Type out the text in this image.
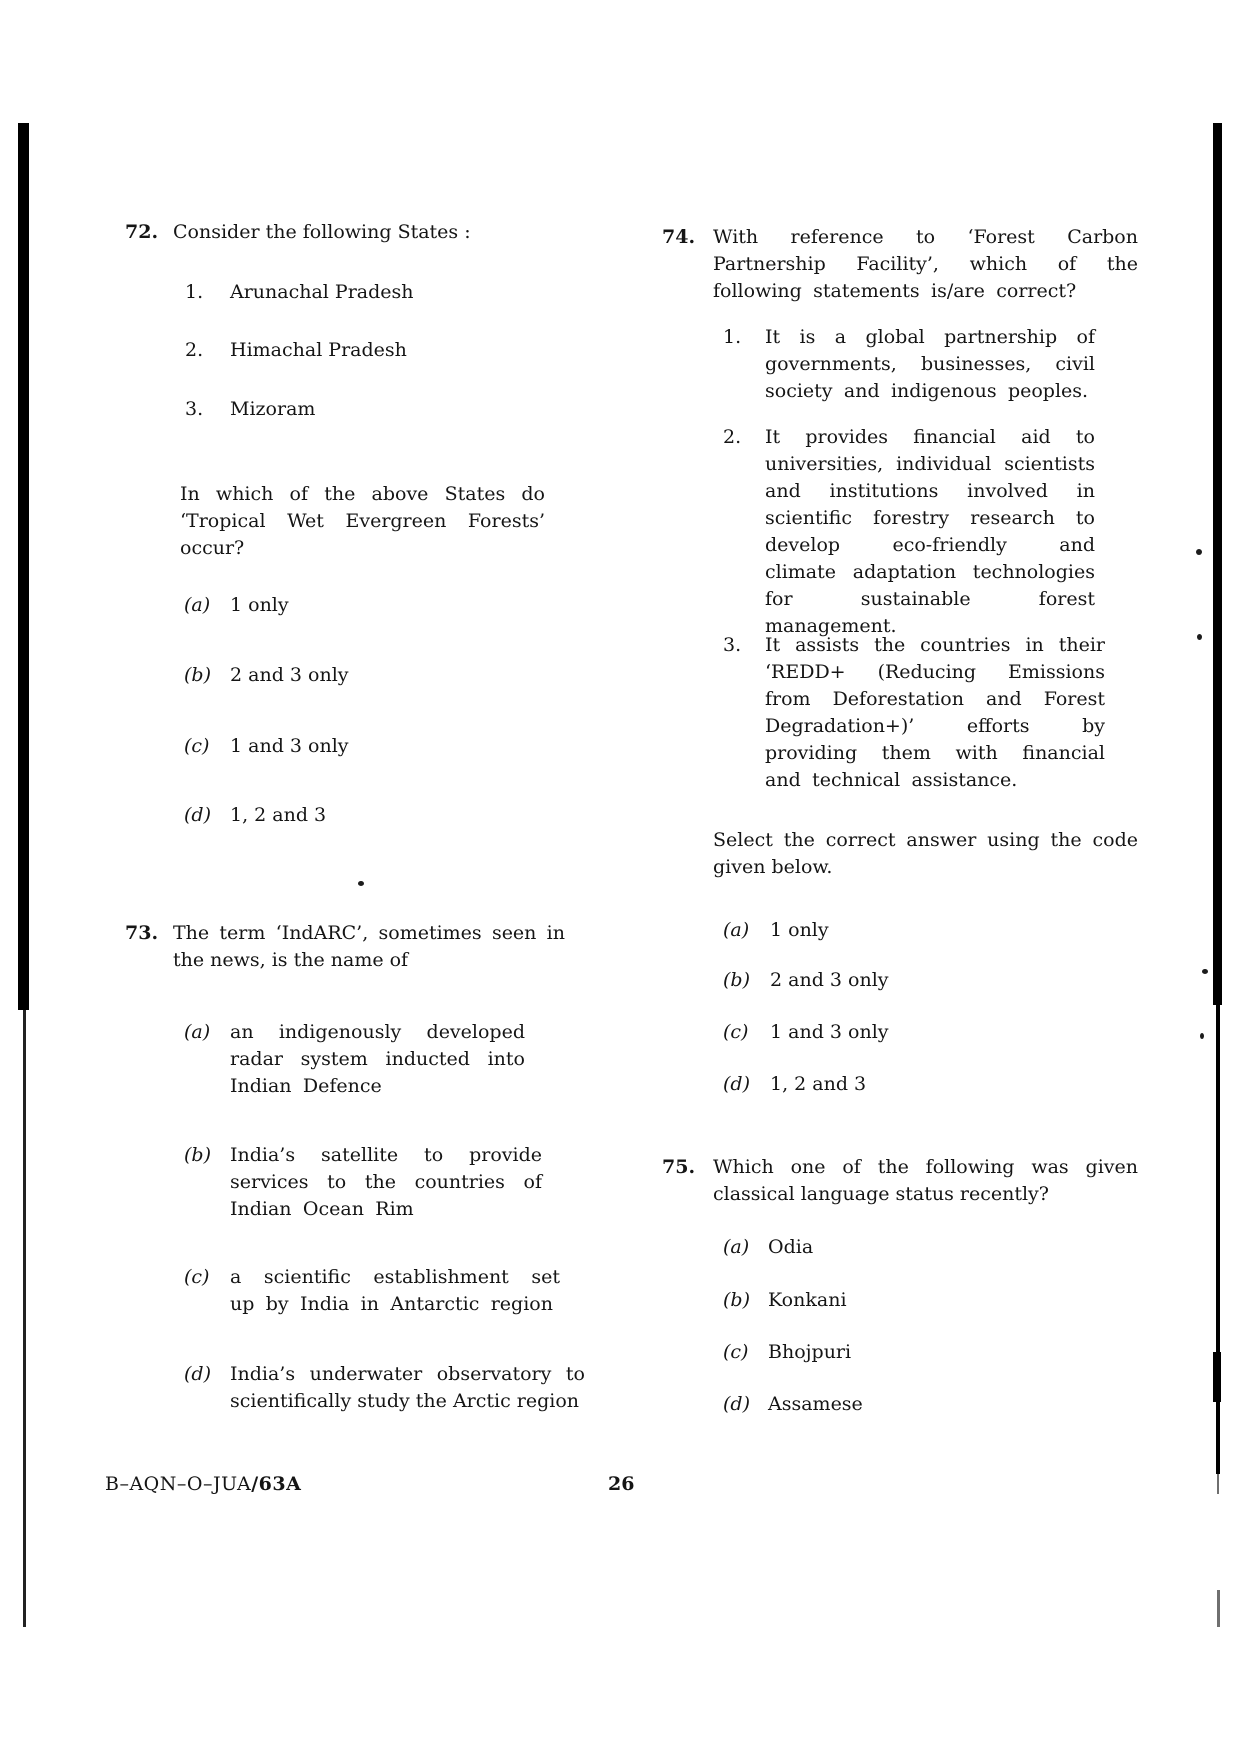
72. Consider the following States :
1. Arunachal Pradesh
2. Himachal Pradesh
3. Mizoram
In which of the above States do ‘Tropical Wet Evergreen Forests’ occur?
(a) 1 only
(b) 2 and 3 only
(c) 1 and 3 only
(d) 1, 2 and 3
73. The term ‘IndARC’, sometimes seen in the news, is the name of
(a) an indigenously developed radar system inducted into Indian Defence
(b) India’s satellite to provide services to the countries of Indian Ocean Rim
(c) a scientific establishment set up by India in Antarctic region
(d) India’s underwater observatory to scientifically study the Arctic region
74. With reference to ‘Forest Carbon Partnership Facility’, which of the following statements is/are correct?
1. It is a global partnership of governments, businesses, civil society and indigenous peoples.
2. It provides financial aid to universities, individual scientists and institutions involved in scientific forestry research to develop eco-friendly and climate adaptation technologies for sustainable forest management.
3. It assists the countries in their ‘REDD+ (Reducing Emissions from Deforestation and Forest Degradation+)’ efforts by providing them with financial and technical assistance.
Select the correct answer using the code given below.
(a) 1 only
(b) 2 and 3 only
(c) 1 and 3 only
(d) 1, 2 and 3
75. Which one of the following was given classical language status recently?
(a) Odia
(b) Konkani
(c) Bhojpuri
(d) Assamese
B–AQN–O–JUA/63A	26
